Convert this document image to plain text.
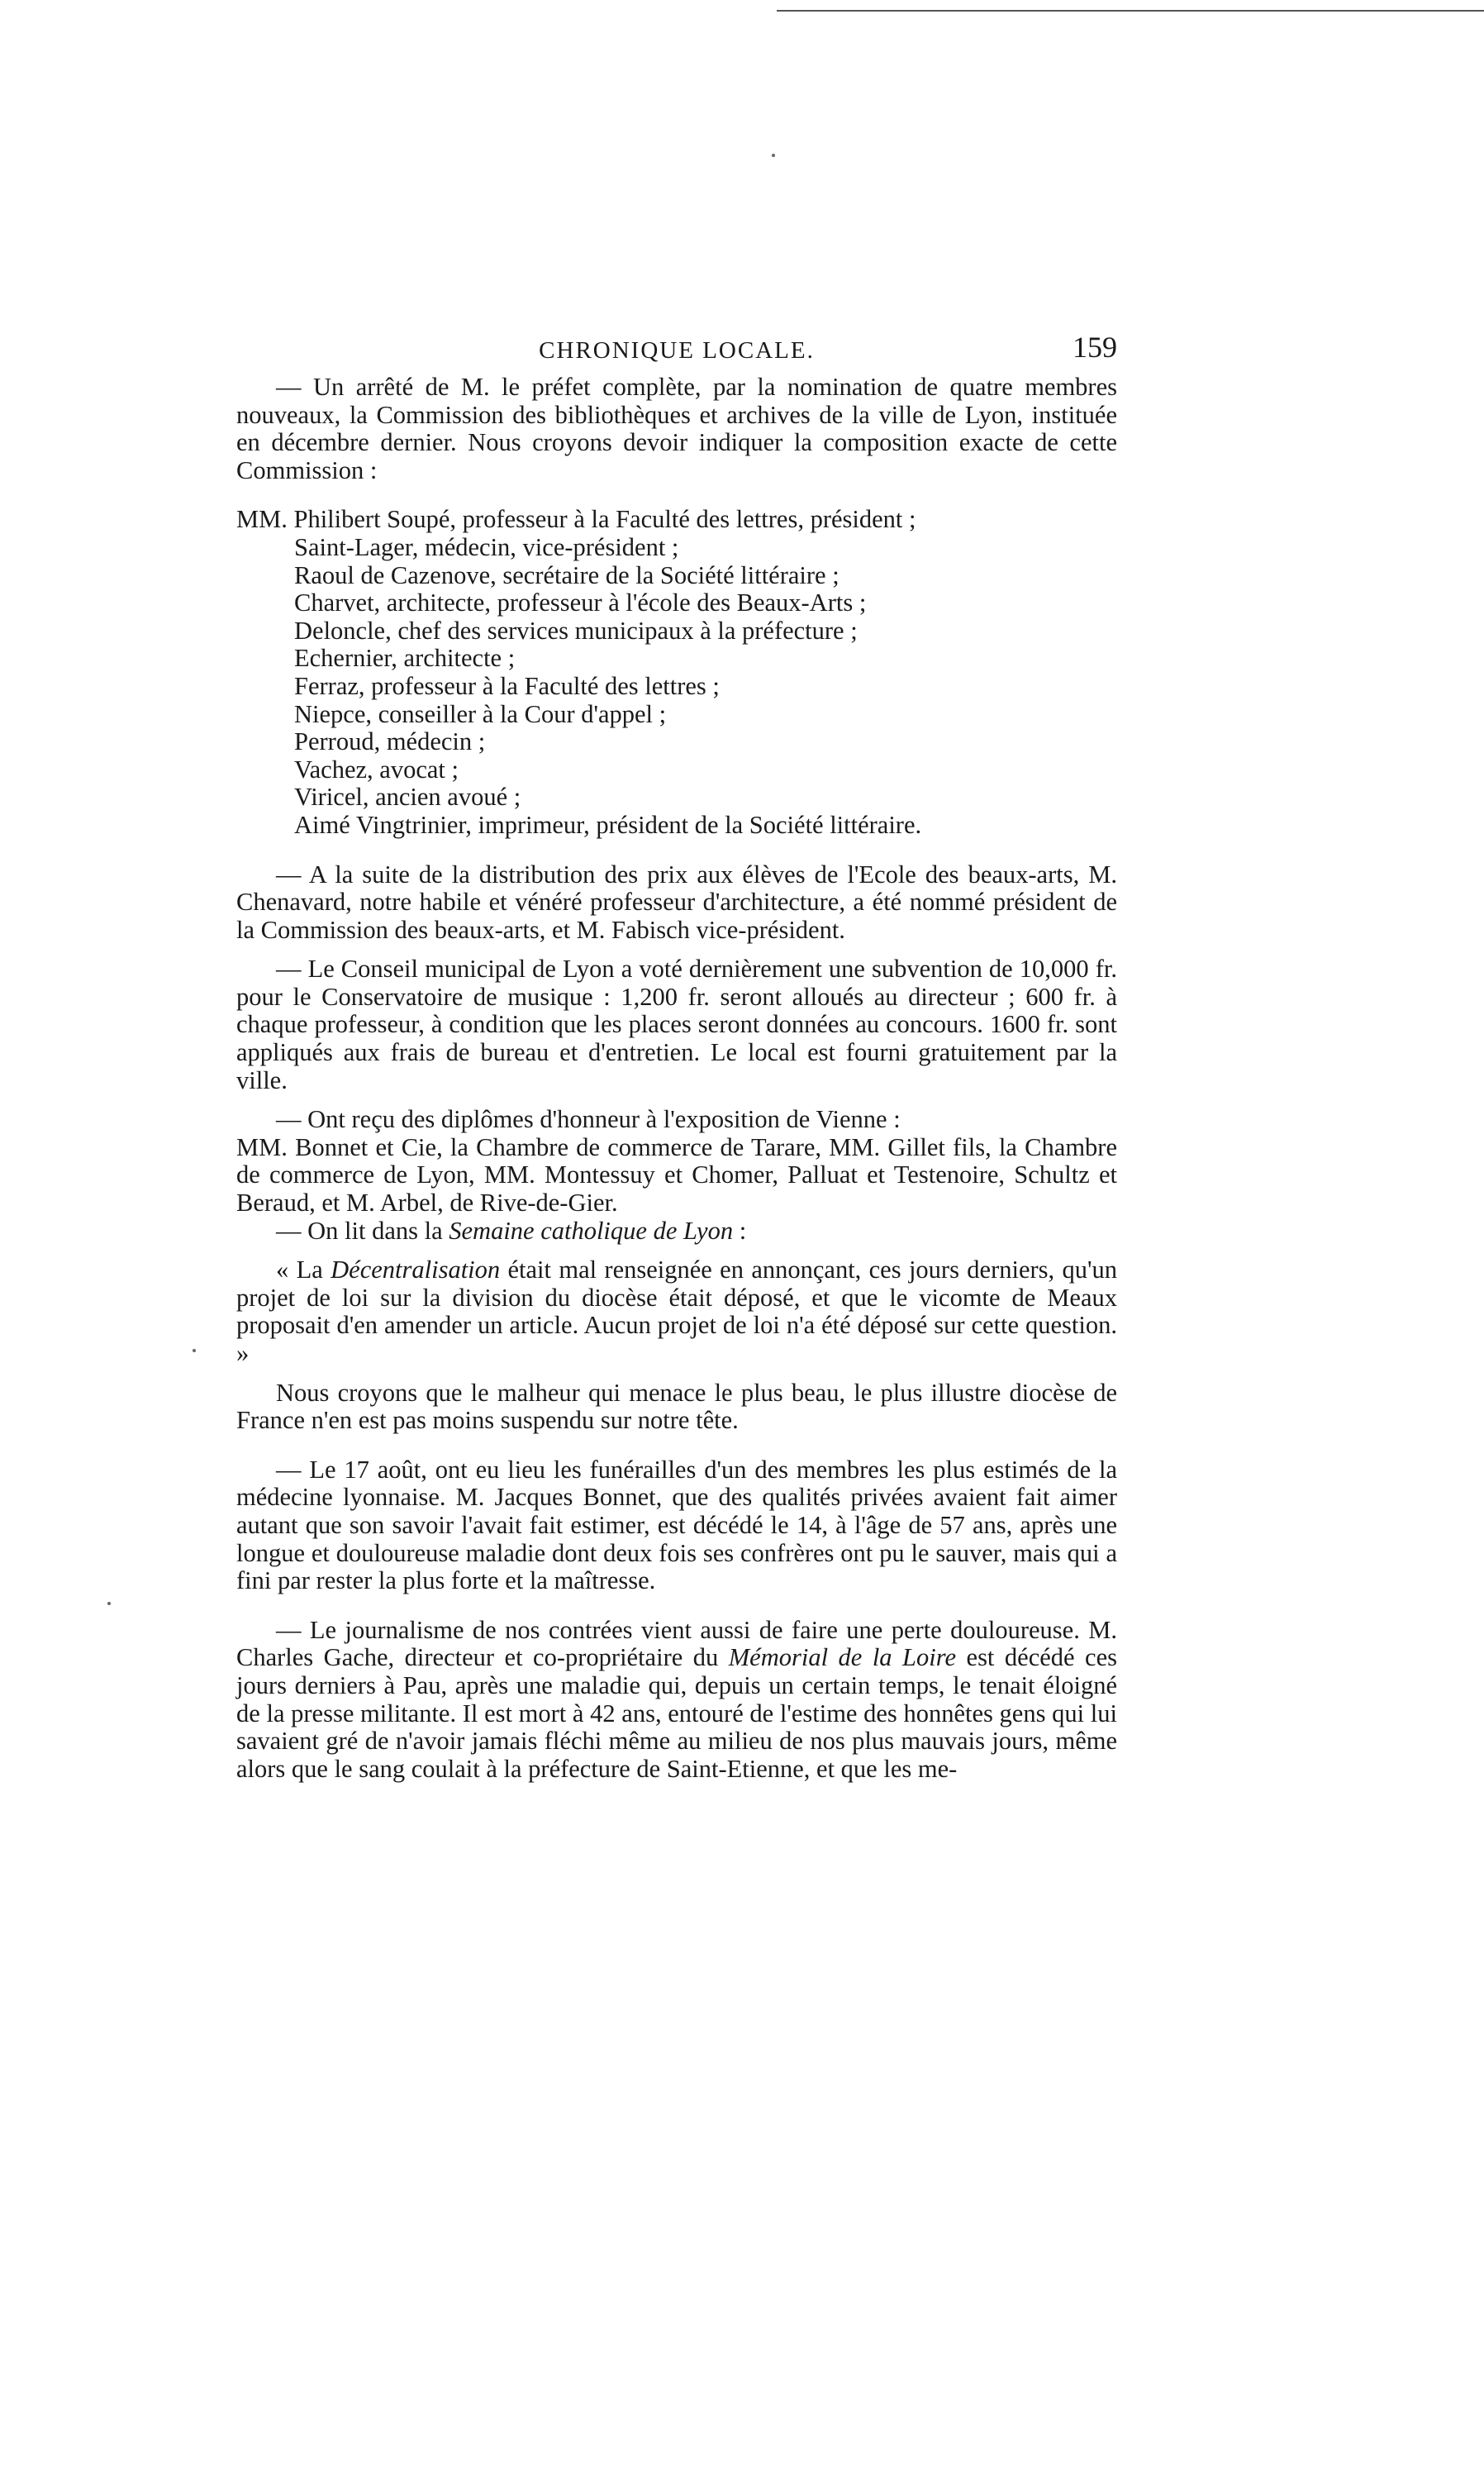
CHRONIQUE LOCALE.	159

— Un arrêté de M. le préfet complète, par la nomination de quatre membres nouveaux, la Commission des bibliothèques et archives de la ville de Lyon, instituée en décembre dernier. Nous croyons devoir indiquer la composition exacte de cette Commission :

MM. Philibert Soupé, professeur à la Faculté des lettres, président ;
Saint-Lager, médecin, vice-président ;
Raoul de Cazenove, secrétaire de la Société littéraire ;
Charvet, architecte, professeur à l'école des Beaux-Arts ;
Deloncle, chef des services municipaux à la préfecture ;
Echernier, architecte ;
Ferraz, professeur à la Faculté des lettres ;
Niepce, conseiller à la Cour d'appel ;
Perroud, médecin ;
Vachez, avocat ;
Viricel, ancien avoué ;
Aimé Vingtrinier, imprimeur, président de la Société littéraire.

— A la suite de la distribution des prix aux élèves de l'Ecole des beaux-arts, M. Chenavard, notre habile et vénéré professeur d'architecture, a été nommé président de la Commission des beaux-arts, et M. Fabisch vice-président.

— Le Conseil municipal de Lyon a voté dernièrement une subvention de 10,000 fr. pour le Conservatoire de musique : 1,200 fr. seront alloués au directeur ; 600 fr. à chaque professeur, à condition que les places seront données au concours. 1600 fr. sont appliqués aux frais de bureau et d'entretien. Le local est fourni gratuitement par la ville.

— Ont reçu des diplômes d'honneur à l'exposition de Vienne :

MM. Bonnet et Cie, la Chambre de commerce de Tarare, MM. Gillet fils, la Chambre de commerce de Lyon, MM. Montessuy et Chomer, Palluat et Testenoire, Schultz et Beraud, et M. Arbel, de Rive-de-Gier.

— On lit dans la Semaine catholique de Lyon :

« La Décentralisation était mal renseignée en annonçant, ces jours derniers, qu'un projet de loi sur la division du diocèse était déposé, et que le vicomte de Meaux proposait d'en amender un article. Aucun projet de loi n'a été déposé sur cette question. »

Nous croyons que le malheur qui menace le plus beau, le plus illustre diocèse de France n'en est pas moins suspendu sur notre tête.

— Le 17 août, ont eu lieu les funérailles d'un des membres les plus estimés de la médecine lyonnaise. M. Jacques Bonnet, que des qualités privées avaient fait aimer autant que son savoir l'avait fait estimer, est décédé le 14, à l'âge de 57 ans, après une longue et douloureuse maladie dont deux fois ses confrères ont pu le sauver, mais qui a fini par rester la plus forte et la maîtresse.

— Le journalisme de nos contrées vient aussi de faire une perte douloureuse. M. Charles Gache, directeur et co-propriétaire du Mémorial de la Loire est décédé ces jours derniers à Pau, après une maladie qui, depuis un certain temps, le tenait éloigné de la presse militante. Il est mort à 42 ans, entouré de l'estime des honnêtes gens qui lui savaient gré de n'avoir jamais fléchi même au milieu de nos plus mauvais jours, même alors que le sang coulait à la préfecture de Saint-Etienne, et que les me-
